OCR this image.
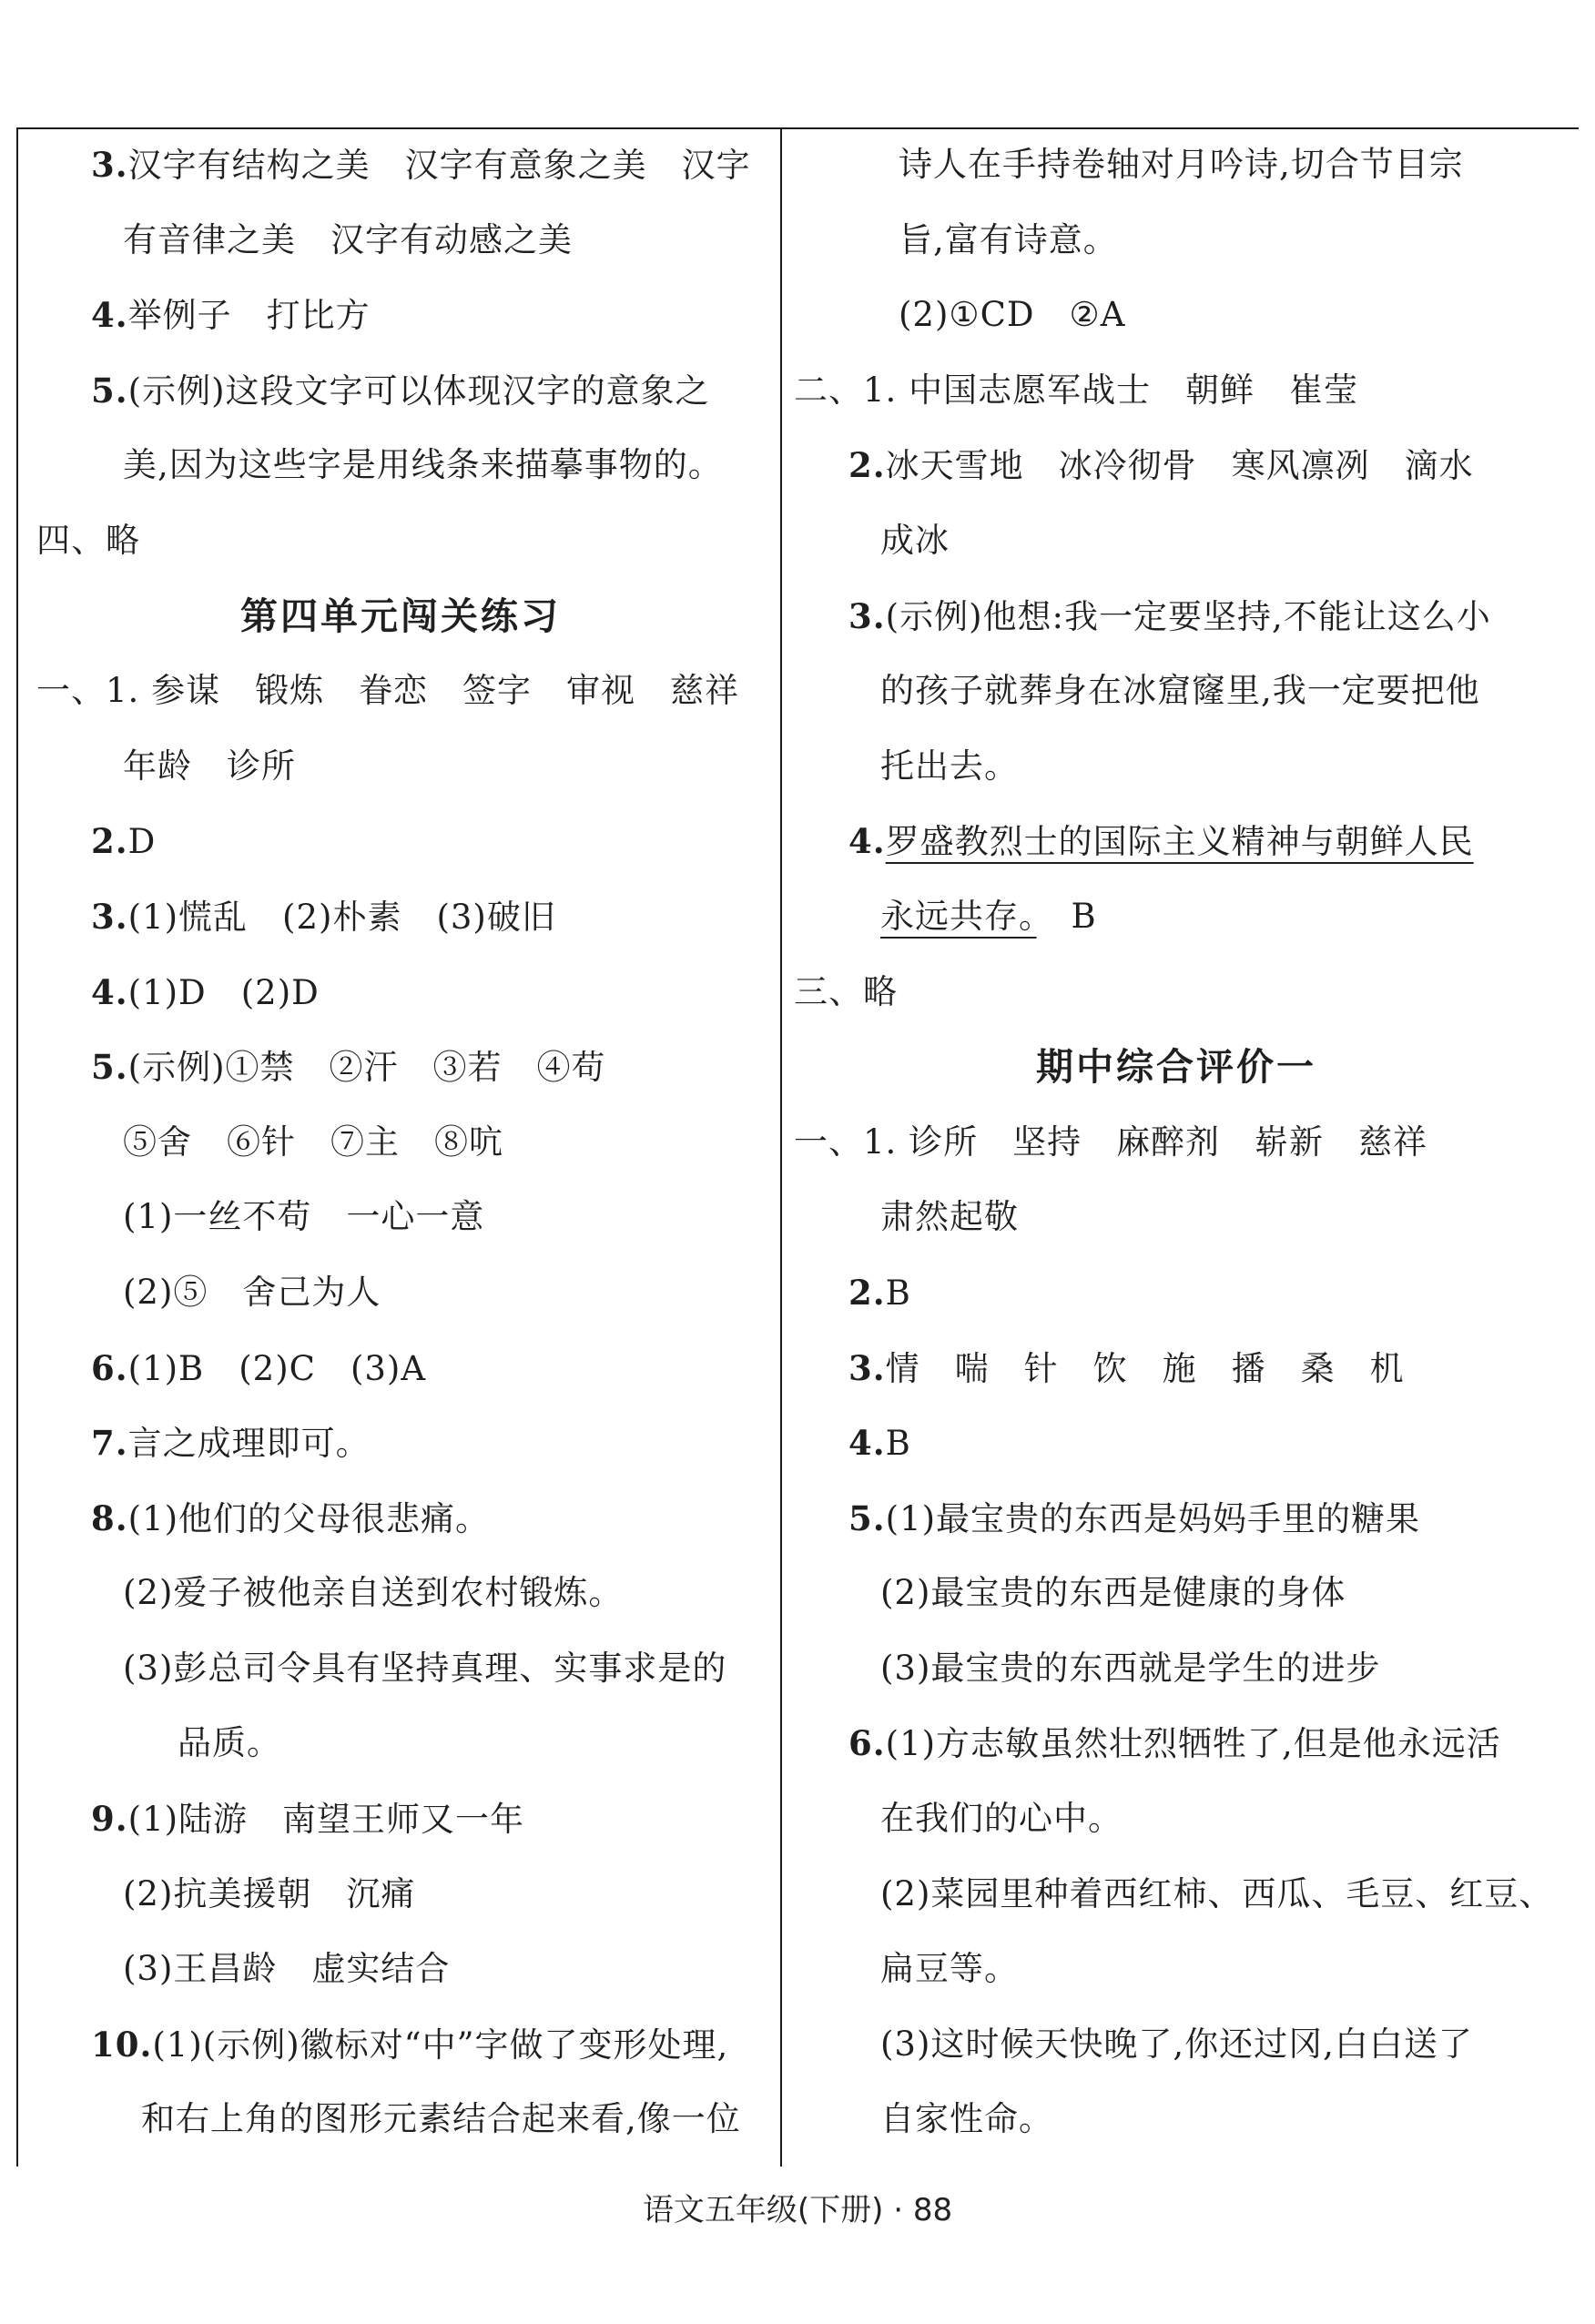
3.汉字有结构之美　汉字有意象之美　汉字
有音律之美　汉字有动感之美
4.举例子　打比方
5.(示例)这段文字可以体现汉字的意象之
美,因为这些字是用线条来描摹事物的。
四、略
第四单元闯关练习
一、1. 参谋　锻炼　眷恋　签字　审视　慈祥
年龄　诊所
2.D
3.(1)慌乱　(2)朴素　(3)破旧
4.(1)D　(2)D
5.(示例)①禁　②汗　③若　④苟
⑤舍　⑥针　⑦主　⑧吭
(1)一丝不苟　一心一意
(2)⑤　舍己为人
6.(1)B　(2)C　(3)A
7.言之成理即可。
8.(1)他们的父母很悲痛。
(2)爱子被他亲自送到农村锻炼。
(3)彭总司令具有坚持真理、实事求是的
品质。
9.(1)陆游　南望王师又一年
(2)抗美援朝　沉痛
(3)王昌龄　虚实结合
10.(1)(示例)徽标对“中”字做了变形处理,
和右上角的图形元素结合起来看,像一位
诗人在手持卷轴对月吟诗,切合节目宗
旨,富有诗意。
(2)①CD　②A
二、1. 中国志愿军战士　朝鲜　崔莹
2.冰天雪地　冰冷彻骨　寒风凛冽　滴水
成冰
3.(示例)他想:我一定要坚持,不能让这么小
的孩子就葬身在冰窟窿里,我一定要把他
托出去。
4.罗盛教烈士的国际主义精神与朝鲜人民
永远共存。　B
三、略
期中综合评价一
一、1. 诊所　坚持　麻醉剂　崭新　慈祥
肃然起敬
2.B
3.情　喘　针　饮　施　播　桑　机
4.B
5.(1)最宝贵的东西是妈妈手里的糖果
(2)最宝贵的东西是健康的身体
(3)最宝贵的东西就是学生的进步
6.(1)方志敏虽然壮烈牺牲了,但是他永远活
在我们的心中。
(2)菜园里种着西红柿、西瓜、毛豆、红豆、
扁豆等。
(3)这时候天快晚了,你还过冈,白白送了
自家性命。
语文五年级(下册) · 88
